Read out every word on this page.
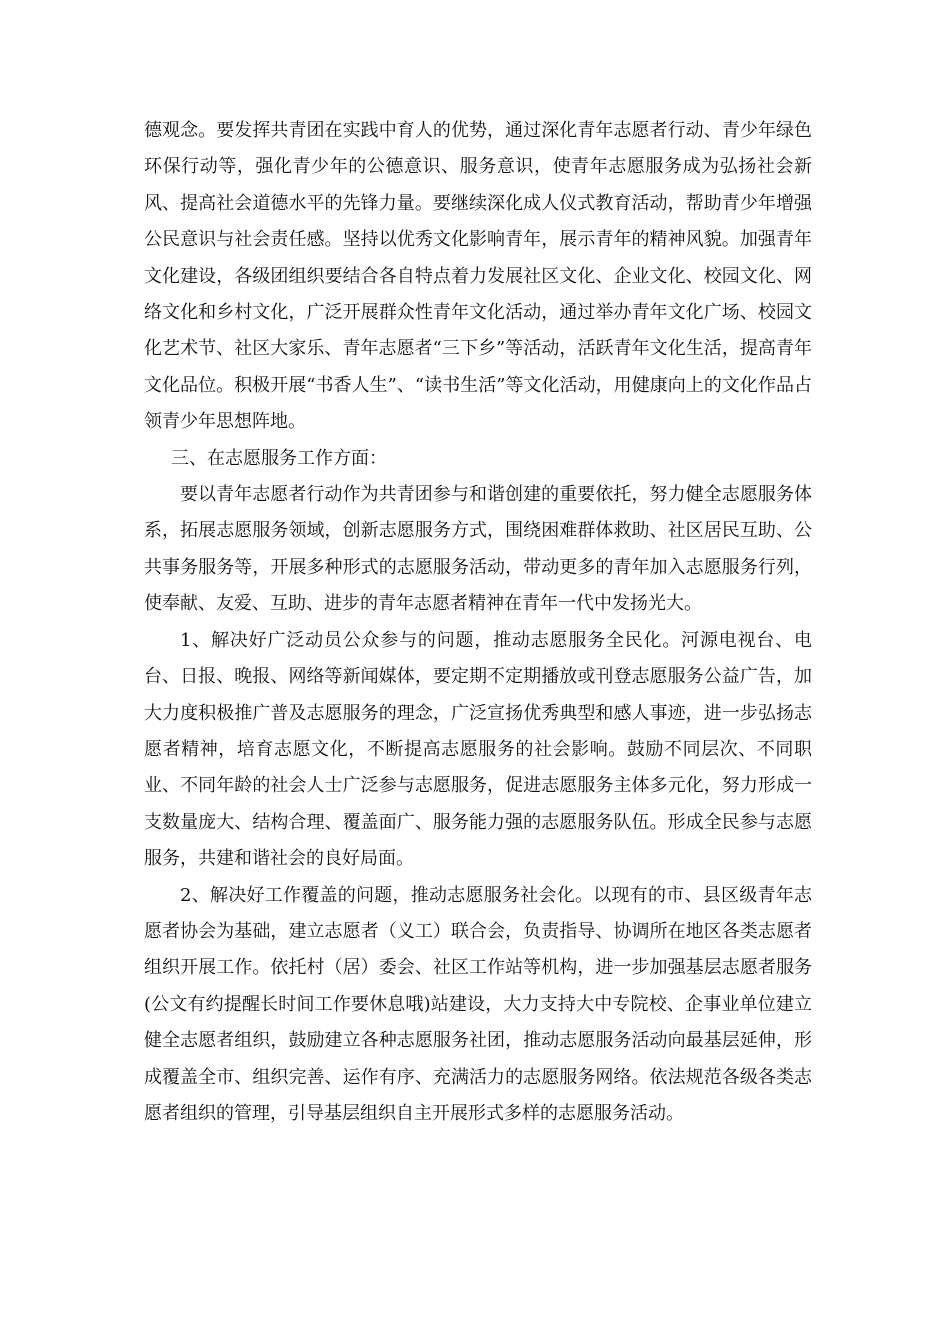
德观念。要发挥共青团在实践中育人的优势，通过深化青年志愿者行动、青少年绿色环保行动等，强化青少年的公德意识、服务意识，使青年志愿服务成为弘扬社会新风、提高社会道德水平的先锋力量。要继续深化成人仪式教育活动，帮助青少年增强公民意识与社会责任感。坚持以优秀文化影响青年，展示青年的精神风貌。加强青年文化建设，各级团组织要结合各自特点着力发展社区文化、企业文化、校园文化、网络文化和乡村文化，广泛开展群众性青年文化活动，通过举办青年文化广场、校园文化艺术节、社区大家乐、青年志愿者“三下乡”等活动，活跃青年文化生活，提高青年文化品位。积极开展“书香人生”、“读书生活”等文化活动，用健康向上的文化作品占领青少年思想阵地。

三、在志愿服务工作方面：

要以青年志愿者行动作为共青团参与和谐创建的重要依托，努力健全志愿服务体系，拓展志愿服务领域，创新志愿服务方式，围绕困难群体救助、社区居民互助、公共事务服务等，开展多种形式的志愿服务活动，带动更多的青年加入志愿服务行列，使奉献、友爱、互助、进步的青年志愿者精神在青年一代中发扬光大。

1、解决好广泛动员公众参与的问题，推动志愿服务全民化。河源电视台、电台、日报、晚报、网络等新闻媒体，要定期不定期播放或刊登志愿服务公益广告，加大力度积极推广普及志愿服务的理念，广泛宣扬优秀典型和感人事迹，进一步弘扬志愿者精神，培育志愿文化，不断提高志愿服务的社会影响。鼓励不同层次、不同职业、不同年龄的社会人士广泛参与志愿服务，促进志愿服务主体多元化，努力形成一支数量庞大、结构合理、覆盖面广、服务能力强的志愿服务队伍。形成全民参与志愿服务，共建和谐社会的良好局面。

2、解决好工作覆盖的问题，推动志愿服务社会化。以现有的市、县区级青年志愿者协会为基础，建立志愿者（义工）联合会，负责指导、协调所在地区各类志愿者组织开展工作。依托村（居）委会、社区工作站等机构，进一步加强基层志愿者服务(公文有约提醒长时间工作要休息哦)站建设，大力支持大中专院校、企事业单位建立健全志愿者组织，鼓励建立各种志愿服务社团，推动志愿服务活动向最基层延伸，形成覆盖全市、组织完善、运作有序、充满活力的志愿服务网络。依法规范各级各类志愿者组织的管理，引导基层组织自主开展形式多样的志愿服务活动。
